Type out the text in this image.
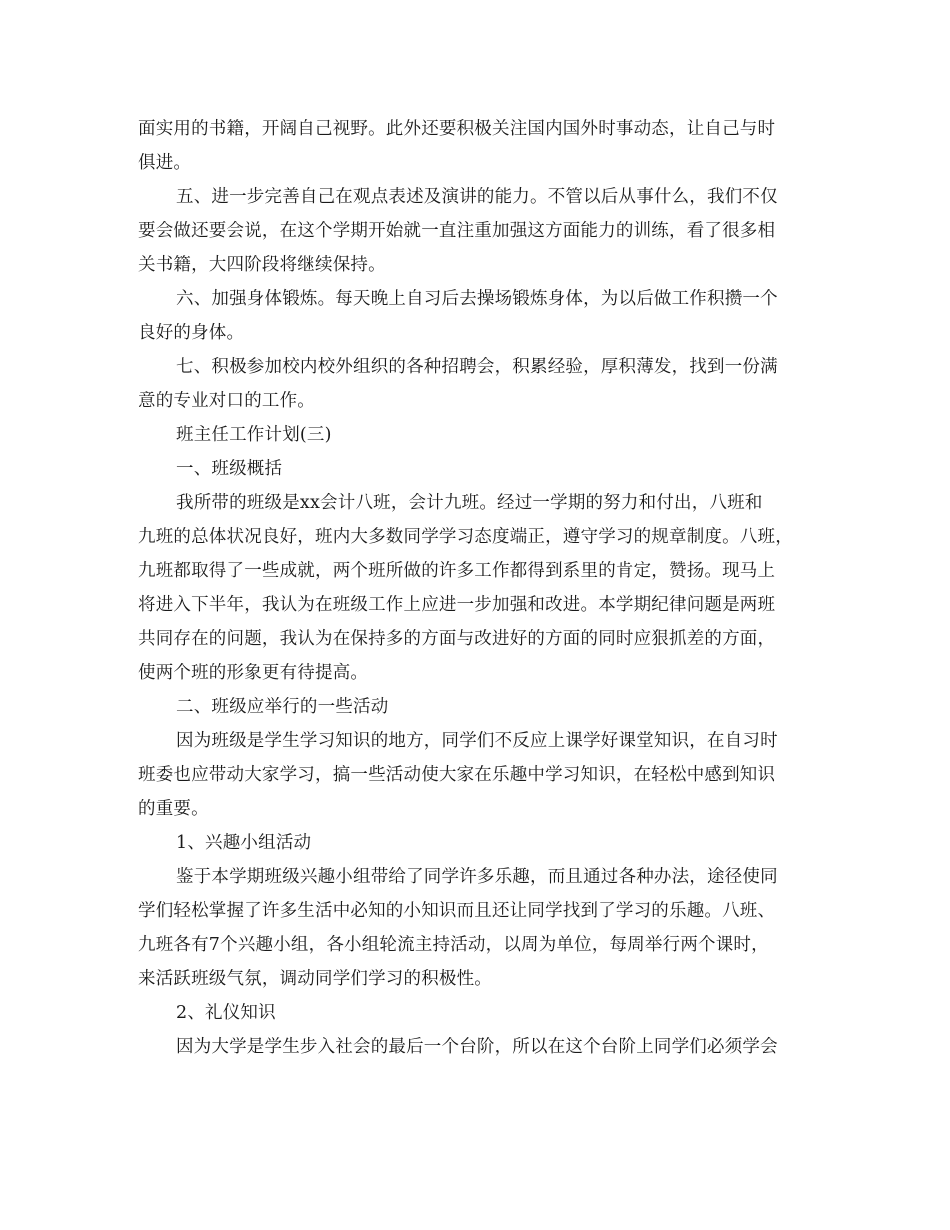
面实用的书籍，开阔自己视野。此外还要积极关注国内国外时事动态，让自己与时
俱进。
五、进一步完善自己在观点表述及演讲的能力。不管以后从事什么，我们不仅
要会做还要会说，在这个学期开始就一直注重加强这方面能力的训练，看了很多相
关书籍，大四阶段将继续保持。
六、加强身体锻炼。每天晚上自习后去操场锻炼身体，为以后做工作积攒一个
良好的身体。
七、积极参加校内校外组织的各种招聘会，积累经验，厚积薄发，找到一份满
意的专业对口的工作。
班主任工作计划(三)
一、班级概括
我所带的班级是xx会计八班，会计九班。经过一学期的努力和付出，八班和
九班的总体状况良好，班内大多数同学学习态度端正，遵守学习的规章制度。八班，
九班都取得了一些成就，两个班所做的许多工作都得到系里的肯定，赞扬。现马上
将进入下半年，我认为在班级工作上应进一步加强和改进。本学期纪律问题是两班
共同存在的问题，我认为在保持多的方面与改进好的方面的同时应狠抓差的方面，
使两个班的形象更有待提高。
二、班级应举行的一些活动
因为班级是学生学习知识的地方，同学们不反应上课学好课堂知识，在自习时
班委也应带动大家学习，搞一些活动使大家在乐趣中学习知识，在轻松中感到知识
的重要。
1、兴趣小组活动
鉴于本学期班级兴趣小组带给了同学许多乐趣，而且通过各种办法，途径使同
学们轻松掌握了许多生活中必知的小知识而且还让同学找到了学习的乐趣。八班、
九班各有7个兴趣小组，各小组轮流主持活动，以周为单位，每周举行两个课时，
来活跃班级气氛，调动同学们学习的积极性。
2、礼仪知识
因为大学是学生步入社会的最后一个台阶，所以在这个台阶上同学们必须学会
